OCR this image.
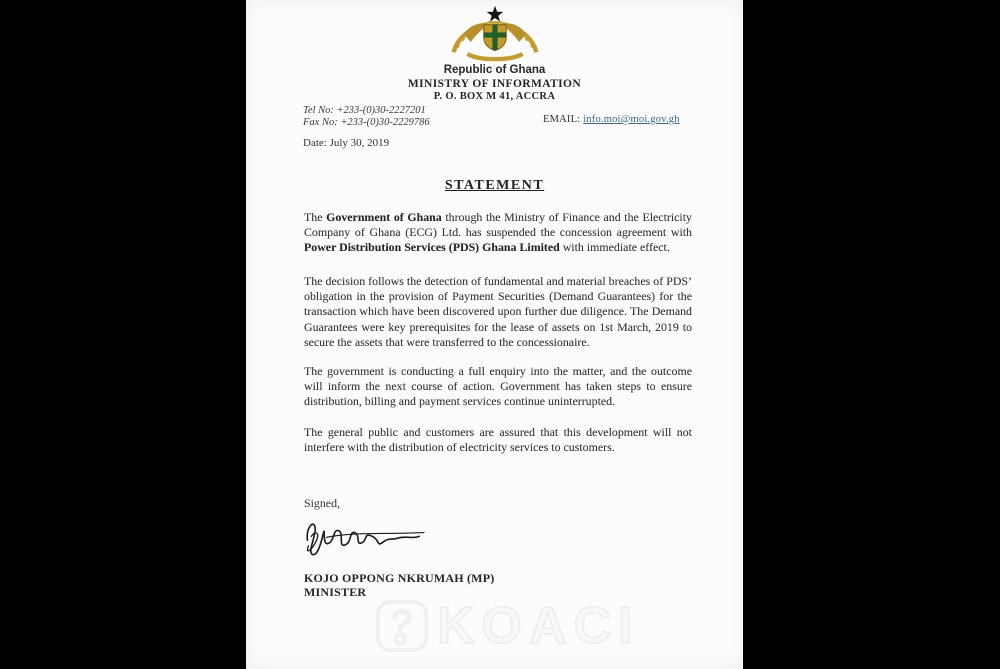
Republic of Ghana
MINISTRY OF INFORMATION
P. O. BOX M 41, ACCRA
Tel No: +233-(0)30-2227201
Fax No: +233-(0)30-2229786	EMAIL: info.moi@moi.gov.gh
Date: July 30, 2019
STATEMENT

The Government of Ghana through the Ministry of Finance and the Electricity Company of Ghana (ECG) Ltd. has suspended the concession agreement with Power Distribution Services (PDS) Ghana Limited with immediate effect.

The decision follows the detection of fundamental and material breaches of PDS’ obligation in the provision of Payment Securities (Demand Guarantees) for the transaction which have been discovered upon further due diligence. The Demand Guarantees were key prerequisites for the lease of assets on 1st March, 2019 to secure the assets that were transferred to the concessionaire.

The government is conducting a full enquiry into the matter, and the outcome will inform the next course of action. Government has taken steps to ensure distribution, billing and payment services continue uninterrupted.

The general public and customers are assured that this development will not interfere with the distribution of electricity services to customers.

Signed,
KOJO OPPONG NKRUMAH (MP)
MINISTER
KOACI
